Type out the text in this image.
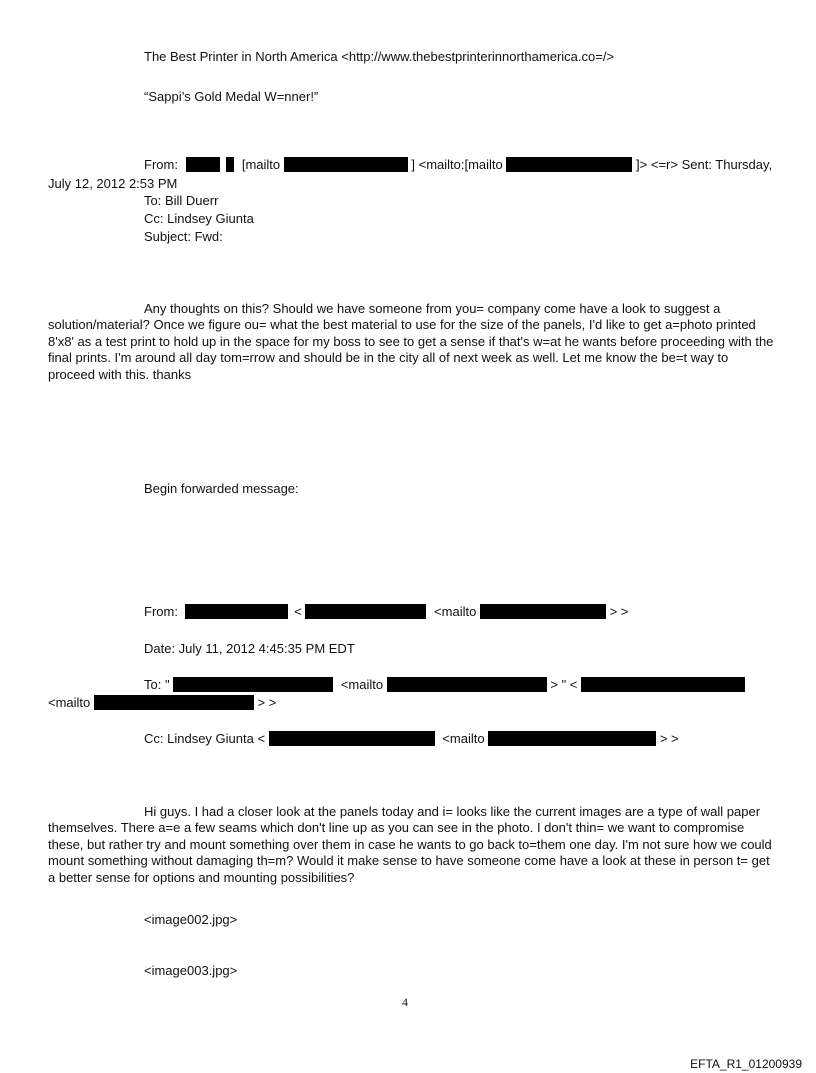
The Best Printer in North America <http://www.thebestprinterinnorthamerica.co=/>
“Sappi’s Gold Medal W=nner!”
From:	[mailto	] <mailto:[mailto	]> <=r> Sent: Thursday,
July 12, 2012 2:53 PM
To: Bill Duerr
Cc: Lindsey Giunta
Subject: Fwd:
Any thoughts on this? Should we have someone from you= company come have a look to suggest a solution/material? Once we figure ou= what the best material to use for the size of the panels, I'd like to get a=photo printed 8'x8' as a test print to hold up in the space for my boss to see to get a sense if that's w=at he wants before proceeding with the final prints. I'm around all day tom=rrow and should be in the city all of next week as well. Let me know the be=t way to proceed with this. thanks
Begin forwarded message:
From:	<	<mailto	> >
Date: July 11, 2012 4:45:35 PM EDT
To: "	<mailto	> " <
<mailto	> >
Cc: Lindsey Giunta <	<mailto	> >
Hi guys. I had a closer look at the panels today and i= looks like the current images are a type of wall paper themselves. There a=e a few seams which don't line up as you can see in the photo. I don't thin= we want to compromise these, but rather try and mount something over them in case he wants to go back to=them one day. I'm not sure how we could mount something without damaging th=m? Would it make sense to have someone come have a look at these in person t= get a better sense for options and mounting possibilities?
<image002.jpg>
<image003.jpg>
4
EFTA_R1_01200939
